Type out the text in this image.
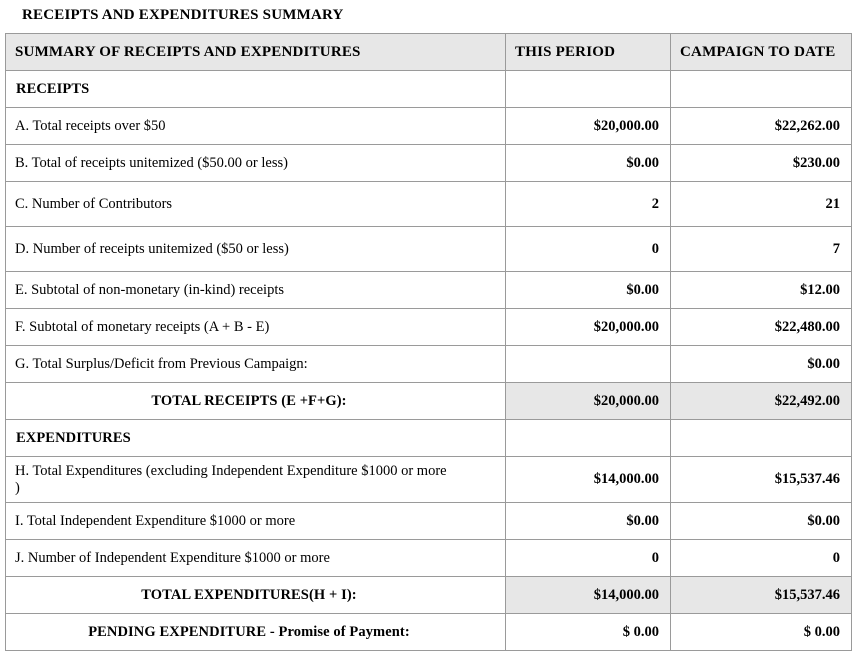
RECEIPTS AND EXPENDITURES SUMMARY
SUMMARY OF RECEIPTS AND EXPENDITURES	THIS PERIOD	CAMPAIGN TO DATE
RECEIPTS		
A. Total receipts over $50	$20,000.00	$22,262.00
B. Total of receipts unitemized ($50.00 or less)	$0.00	$230.00
C. Number of Contributors	2	21
D. Number of receipts unitemized ($50 or less)	0	7
E. Subtotal of non-monetary (in-kind) receipts	$0.00	$12.00
F. Subtotal of monetary receipts (A + B - E)	$20,000.00	$22,480.00
G. Total Surplus/Deficit from Previous Campaign:		$0.00
TOTAL RECEIPTS (E +F+G):	$20,000.00	$22,492.00
EXPENDITURES		
H. Total Expenditures (excluding Independent Expenditure $1000 or more
)	$14,000.00	$15,537.46
I. Total Independent Expenditure $1000 or more	$0.00	$0.00
J. Number of Independent Expenditure $1000 or more	0	0
TOTAL EXPENDITURES(H + I):	$14,000.00	$15,537.46
PENDING EXPENDITURE - Promise of Payment:	$ 0.00	$ 0.00
